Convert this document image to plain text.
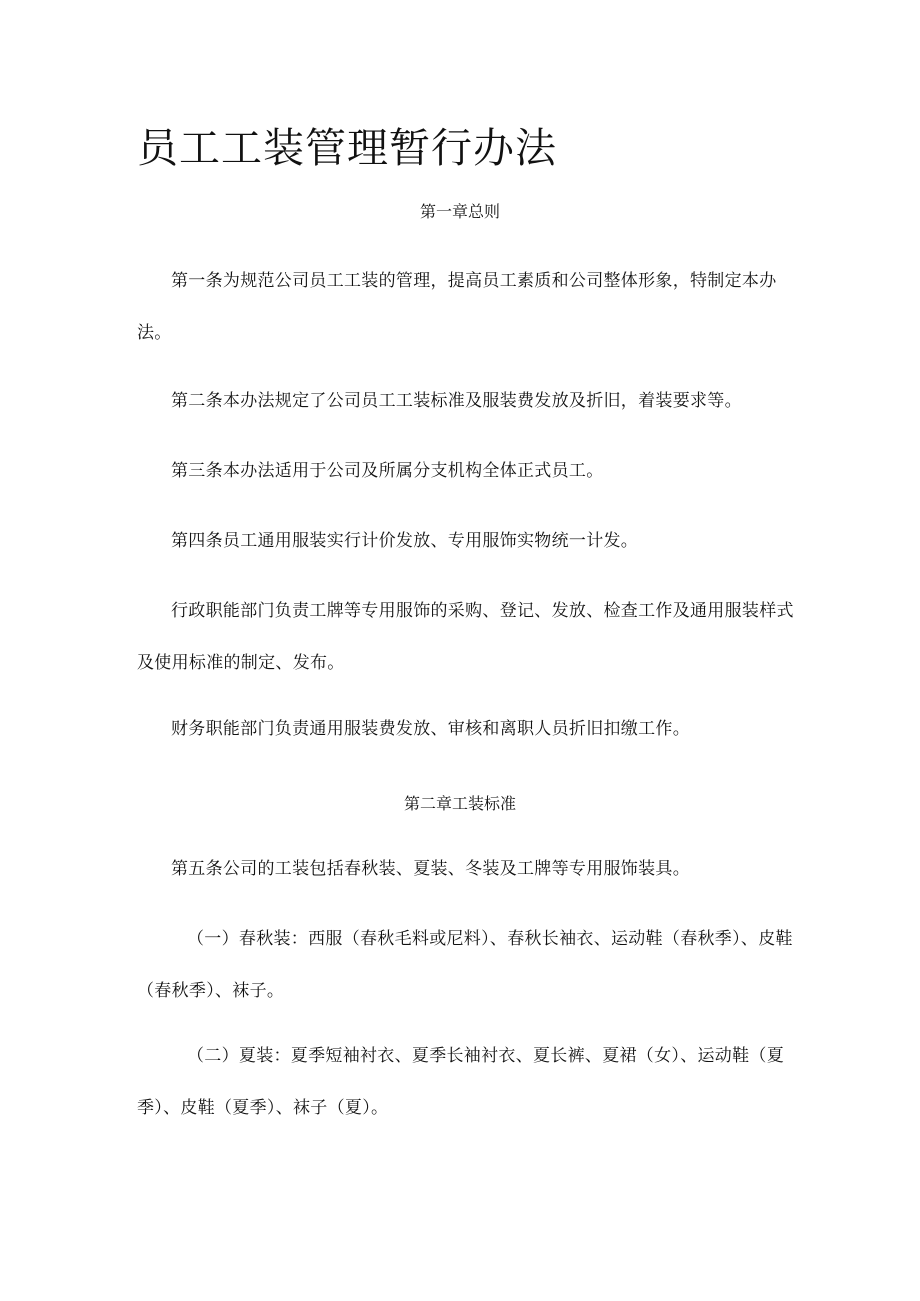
员工工装管理暂行办法
第一章总则

第一条为规范公司员工工装的管理，提高员工素质和公司整体形象，特制定本办法。

第二条本办法规定了公司员工工装标准及服装费发放及折旧，着装要求等。

第三条本办法适用于公司及所属分支机构全体正式员工。

第四条员工通用服装实行计价发放、专用服饰实物统一计发。

行政职能部门负责工牌等专用服饰的采购、登记、发放、检查工作及通用服装样式及使用标准的制定、发布。

财务职能部门负责通用服装费发放、审核和离职人员折旧扣缴工作。

第二章工装标准

第五条公司的工装包括春秋装、夏装、冬装及工牌等专用服饰装具。

（一）春秋装：西服（春秋毛料或尼料）、春秋长袖衣、运动鞋（春秋季）、皮鞋（春秋季）、袜子。

（二）夏装：夏季短袖衬衣、夏季长袖衬衣、夏长裤、夏裙（女）、运动鞋（夏季）、皮鞋（夏季）、袜子（夏）。
